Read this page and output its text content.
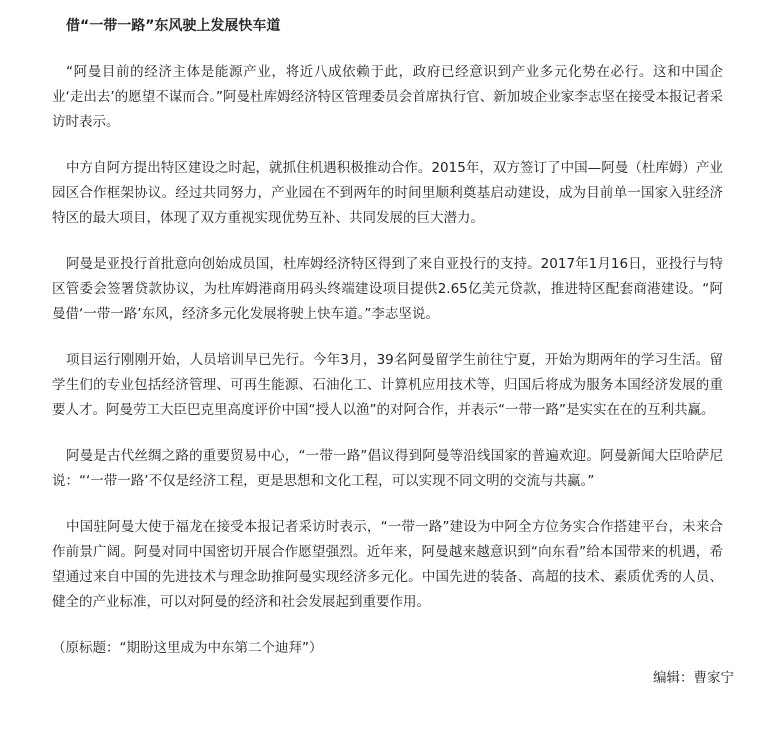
借“一带一路”东风驶上发展快车道

“阿曼目前的经济主体是能源产业，将近八成依赖于此，政府已经意识到产业多元化势在必行。这和中国企业‘走出去’的愿望不谋而合。”阿曼杜库姆经济特区管理委员会首席执行官、新加坡企业家李志坚在接受本报记者采访时表示。

中方自阿方提出特区建设之时起，就抓住机遇积极推动合作。2015年，双方签订了中国—阿曼（杜库姆）产业园区合作框架协议。经过共同努力，产业园在不到两年的时间里顺利奠基启动建设，成为目前单一国家入驻经济特区的最大项目，体现了双方重视实现优势互补、共同发展的巨大潜力。

阿曼是亚投行首批意向创始成员国，杜库姆经济特区得到了来自亚投行的支持。2017年1月16日，亚投行与特区管委会签署贷款协议，为杜库姆港商用码头终端建设项目提供2.65亿美元贷款，推进特区配套商港建设。“阿曼借‘一带一路’东风，经济多元化发展将驶上快车道。”李志坚说。

项目运行刚刚开始，人员培训早已先行。今年3月，39名阿曼留学生前往宁夏，开始为期两年的学习生活。留学生们的专业包括经济管理、可再生能源、石油化工、计算机应用技术等，归国后将成为服务本国经济发展的重要人才。阿曼劳工大臣巴克里高度评价中国“授人以渔”的对阿合作，并表示“一带一路”是实实在在的互利共赢。

阿曼是古代丝绸之路的重要贸易中心，“一带一路”倡议得到阿曼等沿线国家的普遍欢迎。阿曼新闻大臣哈萨尼说：“‘一带一路’不仅是经济工程，更是思想和文化工程，可以实现不同文明的交流与共赢。”

中国驻阿曼大使于福龙在接受本报记者采访时表示，“一带一路”建设为中阿全方位务实合作搭建平台，未来合作前景广阔。阿曼对同中国密切开展合作愿望强烈。近年来，阿曼越来越意识到“向东看”给本国带来的机遇，希望通过来自中国的先进技术与理念助推阿曼实现经济多元化。中国先进的装备、高超的技术、素质优秀的人员、健全的产业标准，可以对阿曼的经济和社会发展起到重要作用。

（原标题：“期盼这里成为中东第二个迪拜”）

编辑：曹家宁
